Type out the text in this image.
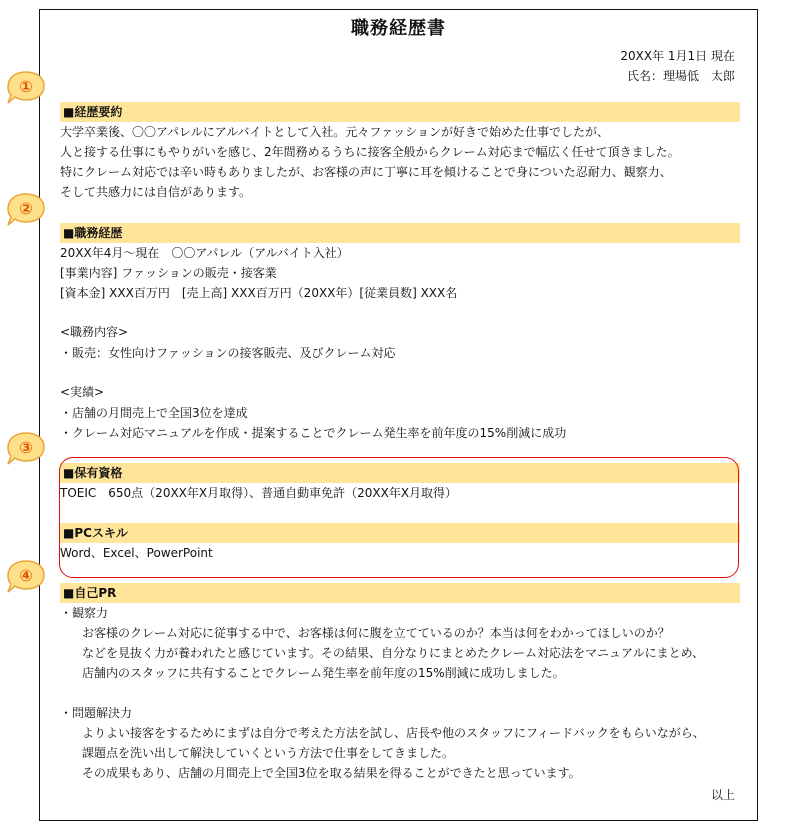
職務経歴書
20XX年 1月1日 現在
氏名：理場低　太郎
■経歴要約
大学卒業後、〇〇アパレルにアルバイトとして入社。元々ファッションが好きで始めた仕事でしたが、
人と接する仕事にもやりがいを感じ、2年間務めるうちに接客全般からクレーム対応まで幅広く任せて頂きました。
特にクレーム対応では辛い時もありましたが、お客様の声に丁寧に耳を傾けることで身についた忍耐力、観察力、
そして共感力には自信があります。
■職務経歴
20XX年4月～現在　〇〇アパレル（アルバイト入社）
[事業内容] ファッションの販売・接客業
[資本金] XXX百万円　[売上高] XXX百万円（20XX年）[従業員数] XXX名
<職務内容>
・販売：女性向けファッションの接客販売、及びクレーム対応
<実績>
・店舗の月間売上で全国3位を達成
・クレーム対応マニュアルを作成・提案することでクレーム発生率を前年度の15%削減に成功
■保有資格
TOEIC　650点（20XX年X月取得）、普通自動車免許（20XX年X月取得）
■PCスキル
Word、Excel、PowerPoint
■自己PR
・観察力
お客様のクレーム対応に従事する中で、お客様は何に腹を立てているのか？本当は何をわかってほしいのか？
などを見抜く力が養われたと感じています。その結果、自分なりにまとめたクレーム対応法をマニュアルにまとめ、
店舗内のスタッフに共有することでクレーム発生率を前年度の15%削減に成功しました。
・問題解決力
よりよい接客をするためにまずは自分で考えた方法を試し、店長や他のスタッフにフィードバックをもらいながら、
課題点を洗い出して解決していくという方法で仕事をしてきました。
その成果もあり、店舗の月間売上で全国3位を取る結果を得ることができたと思っています。
以上
①
②
③
④
